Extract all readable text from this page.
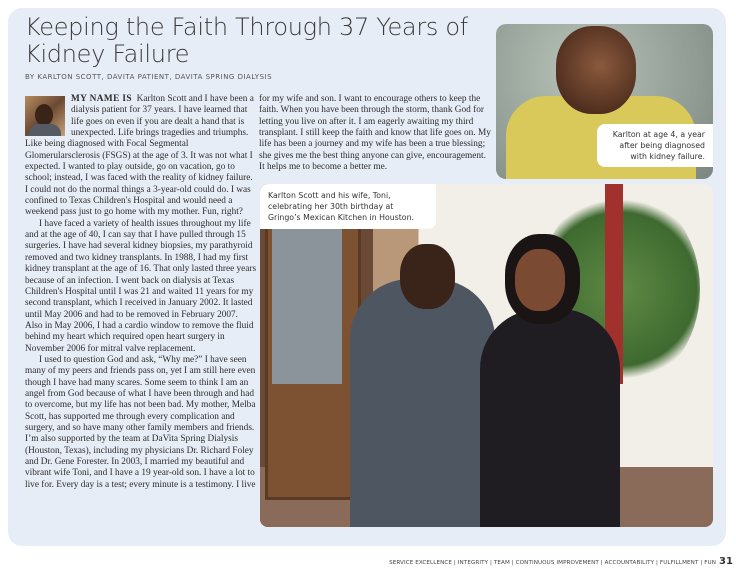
Keeping the Faith Through 37 Years of Kidney Failure
BY KARLTON SCOTT, DAVITA PATIENT, DAVITA SPRING DIALYSIS

MY NAME IS Karlton Scott and I have been a dialysis patient for 37 years. I have learned that life goes on even if you are dealt a hand that is unexpected. Life brings tragedies and triumphs. Like being diagnosed with Focal Segmental Glomerularsclerosis (FSGS) at the age of 3. It was not what I expected. I wanted to play outside, go on vacation, go to school; instead, I was faced with the reality of kidney failure. I could not do the normal things a 3-year-old could do. I was confined to Texas Children's Hospital and would need a weekend pass just to go home with my mother. Fun, right?

I have faced a variety of health issues throughout my life and at the age of 40, I can say that I have pulled through 15 surgeries. I have had several kidney biopsies, my parathyroid removed and two kidney transplants. In 1988, I had my first kidney transplant at the age of 16. That only lasted three years because of an infection. I went back on dialysis at Texas Children's Hospital until I was 21 and waited 11 years for my second transplant, which I received in January 2002. It lasted until May 2006 and had to be removed in February 2007. Also in May 2006, I had a cardio window to remove the fluid behind my heart which required open heart surgery in November 2006 for mitral valve replacement.

I used to question God and ask, “Why me?” I have seen many of my peers and friends pass on, yet I am still here even though I have had many scares. Some seem to think I am an angel from God because of what I have been through and had to overcome, but my life has not been bad. My mother, Melba Scott, has supported me through every complication and surgery, and so have many other family members and friends. I’m also supported by the team at DaVita Spring Dialysis (Houston, Texas), including my physicians Dr. Richard Foley and Dr. Gene Forester. In 2003, I married my beautiful and vibrant wife Toni, and I have a 19 year-old son. I have a lot to live for. Every day is a test; every minute is a testimony. I live

for my wife and son. I want to encourage others to keep the faith. When you have been through the storm, thank God for letting you live on after it. I am eagerly awaiting my third transplant. I still keep the faith and know that life goes on. My life has been a journey and my wife has been a true blessing; she gives me the best thing anyone can give, encouragement. It helps me to become a better me.

Karlton at age 4, a year after being diagnosed with kidney failure.
Karlton Scott and his wife, Toni, celebrating her 30th birthday at Gringo’s Mexican Kitchen in Houston.
SERVICE EXCELLENCE | INTEGRITY | TEAM | CONTINUOUS IMPROVEMENT | ACCOUNTABILITY | FULFILLMENT | FUN 31
